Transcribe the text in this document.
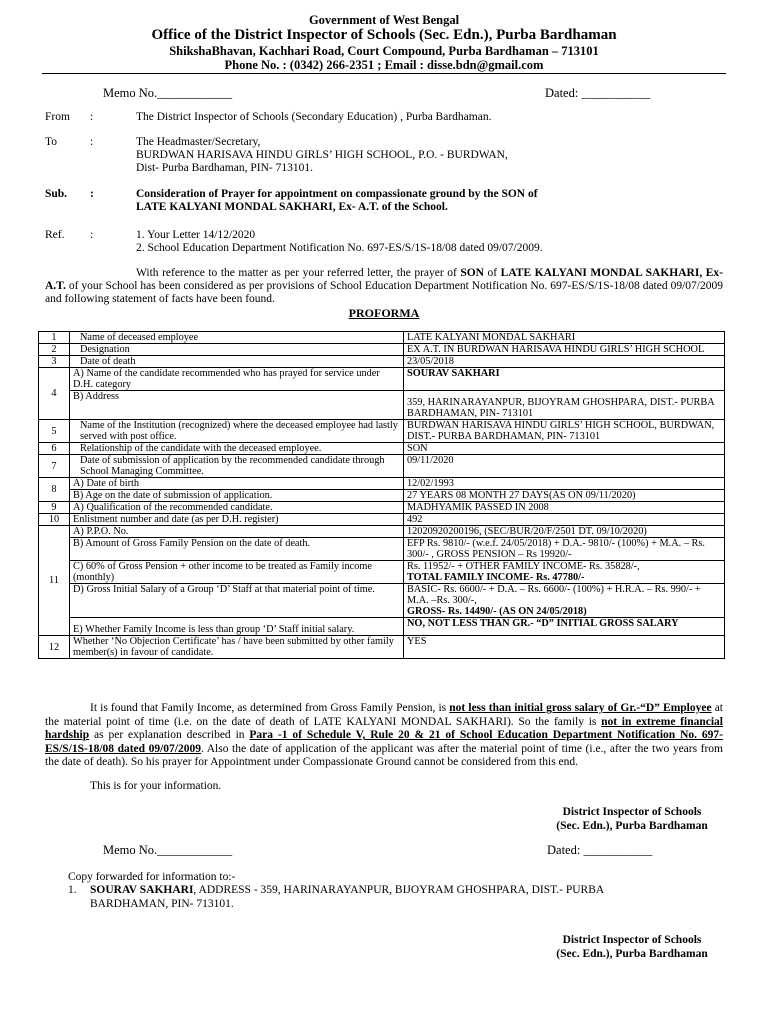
Government of West Bengal
Office of the District Inspector of Schools (Sec. Edn.), Purba Bardhaman
ShikshaBhavan, Kachhari Road, Court Compound, Purba Bardhaman – 713101
Phone No. : (0342) 266-2351 ; Email : disse.bdn@gmail.com
Memo No.____________	Dated: ___________
From :	The District Inspector of Schools (Secondary Education) , Purba Bardhaman.
To	:	The Headmaster/Secretary,
BURDWAN HARISAVA HINDU GIRLS’ HIGH SCHOOL, P.O. - BURDWAN,
Dist- Purba Bardhaman, PIN- 713101.
Sub. :	Consideration of Prayer for appointment on compassionate ground by the SON of
LATE KALYANI MONDAL SAKHARI, Ex- A.T. of the School.
Ref. :	1. Your Letter 14/12/2020
2. School Education Department Notification No. 697-ES/S/1S-18/08 dated 09/07/2009.
With reference to the matter as per your referred letter, the prayer of SON of LATE KALYANI MONDAL SAKHARI, Ex- A.T. of your School has been considered as per provisions of School Education Department Notification No. 697-ES/S/1S-18/08 dated 09/07/2009 and following statement of facts have been found.
PROFORMA
1	Name of deceased employee	LATE KALYANI MONDAL SAKHARI
2	Designation	EX A.T. IN BURDWAN HARISAVA HINDU GIRLS’ HIGH SCHOOL
3	Date of death	23/05/2018
4	A) Name of the candidate recommended who has prayed for service under D.H. category	SOURAV SAKHARI
	B) Address	359, HARINARAYANPUR, BIJOYRAM GHOSHPARA, DIST.- PURBA BARDHAMAN, PIN- 713101
5	Name of the Institution (recognized) where the deceased employee had lastly served with post office.	BURDWAN HARISAVA HINDU GIRLS’ HIGH SCHOOL, BURDWAN, DIST.- PURBA BARDHAMAN, PIN- 713101
6	Relationship of the candidate with the deceased employee.	SON
7	Date of submission of application by the recommended candidate through School Managing Committee.	09/11/2020
8	A) Date of birth	12/02/1993
	B) Age on the date of submission of application.	27 YEARS 08 MONTH 27 DAYS(AS ON 09/11/2020)
9	A) Qualification of the recommended candidate.	MADHYAMIK PASSED IN 2008
10	Enlistment number and date (as per D.H. register)	492
11	A) P.P.O. No.	12020920200196, (SEC/BUR/20/F/2501 DT. 09/10/2020)
	B) Amount of Gross Family Pension on the date of death.	EFP Rs. 9810/- (w.e.f. 24/05/2018) + D.A.- 9810/- (100%) + M.A. – Rs. 300/- , GROSS PENSION – Rs 19920/-
	C) 60% of Gross Pension + other income to be treated as Family income (monthly)	Rs. 11952/- + OTHER FAMILY INCOME- Rs. 35828/-,
TOTAL FAMILY INCOME- Rs. 47780/-

	D) Gross Initial Salary of a Group ‘D’ Staff at that material point of time.	BASIC- Rs. 6600/- + D.A. – Rs. 6600/- (100%) + H.R.A. – Rs. 990/- + M.A. –Rs. 300/-,
GROSS- Rs. 14490/- (AS ON 24/05/2018)

	E) Whether Family Income is less than group ‘D’ Staff initial salary.	NO, NOT LESS THAN GR.- “D” INITIAL GROSS SALARY
12	Whether ‘No Objection Certificate’ has / have been submitted by other family member(s) in favour of candidate.	YES
It is found that Family Income, as determined from Gross Family Pension, is not less than initial gross salary of Gr.-“D” Employee at the material point of time (i.e. on the date of death of LATE KALYANI MONDAL SAKHARI). So the family is not in extreme financial hardship as per explanation described in Para -1 of Schedule V, Rule 20 & 21 of School Education Department Notification No. 697-ES/S/1S-18/08 dated 09/07/2009. Also the date of application of the applicant was after the material point of time (i.e., after the two years from the date of death). So his prayer for Appointment under Compassionate Ground cannot be considered from this end.
This is for your information.
District Inspector of Schools
(Sec. Edn.), Purba Bardhaman
Memo No.____________	Dated: ___________
Copy forwarded for information to:-
1. SOURAV SAKHARI, ADDRESS - 359, HARINARAYANPUR, BIJOYRAM GHOSHPARA, DIST.- PURBA
BARDHAMAN, PIN- 713101.
District Inspector of Schools
(Sec. Edn.), Purba Bardhaman
